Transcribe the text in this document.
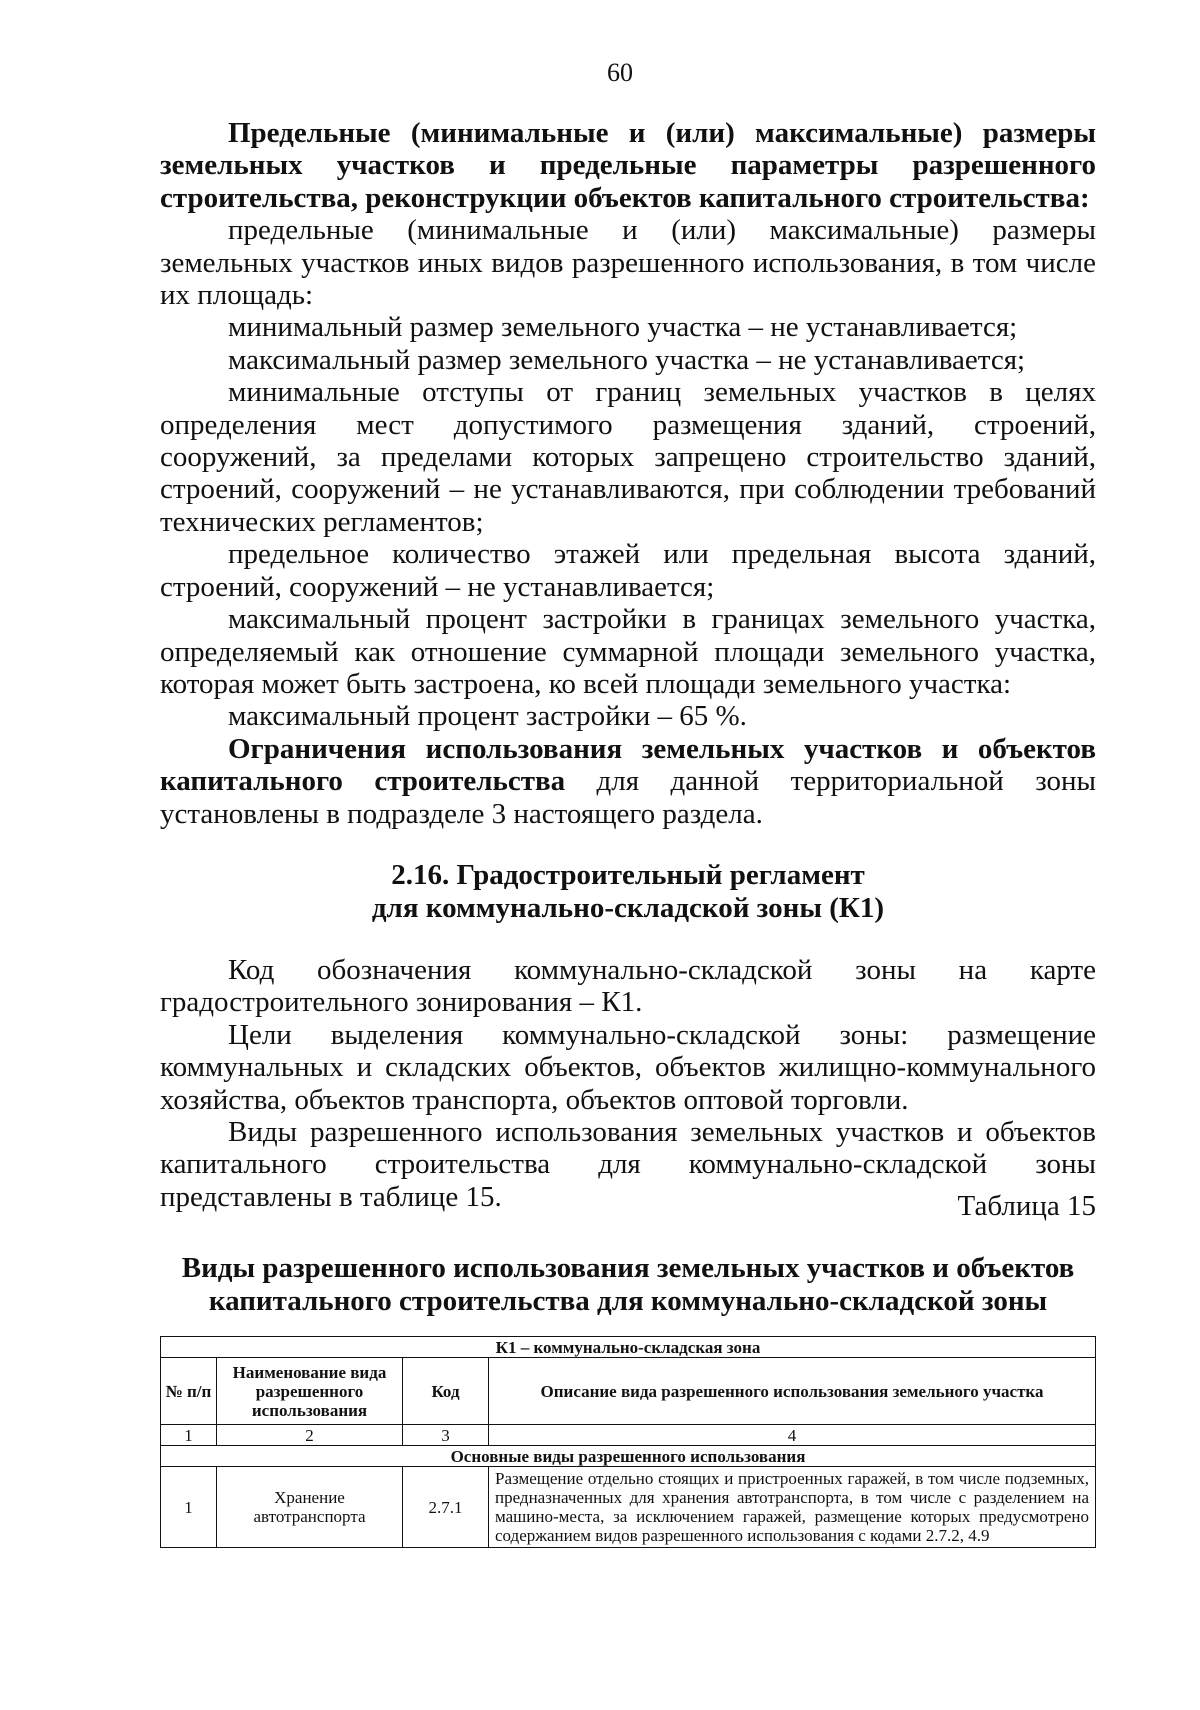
60

Предельные (минимальные и (или) максимальные) размеры земельных участков и предельные параметры разрешенного строительства, реконструкции объектов капитального строительства:

предельные (минимальные и (или) максимальные) размеры земельных участков иных видов разрешенного использования, в том числе их площадь:

минимальный размер земельного участка – не устанавливается;

максимальный размер земельного участка – не устанавливается;

минимальные отступы от границ земельных участков в целях определения мест допустимого размещения зданий, строений, сооружений, за пределами которых запрещено строительство зданий, строений, сооружений – не устанавливаются, при соблюдении требований технических регламентов;

предельное количество этажей или предельная высота зданий, строений, сооружений – не устанавливается;

максимальный процент застройки в границах земельного участка, определяемый как отношение суммарной площади земельного участка, которая может быть застроена, ко всей площади земельного участка:

максимальный процент застройки – 65 %.

Ограничения использования земельных участков и объектов капитального строительства для данной территориальной зоны установлены в подразделе 3 настоящего раздела.

2.16. Градостроительный регламент
для коммунально-складской зоны (К1)

Код обозначения коммунально-складской зоны на карте градостроительного зонирования – К1.

Цели выделения коммунально-складской зоны: размещение коммунальных и складских объектов, объектов жилищно-коммунального хозяйства, объектов транспорта, объектов оптовой торговли.

Виды разрешенного использования земельных участков и объектов капитального строительства для коммунально-складской зоны представлены в таблице 15.	Таблица 15
Виды разрешенного использования земельных участков и объектов
капитального строительства для коммунально-складской зоны
К1 – коммунально-складская зона			
№ п/п	Наименование вида разрешенного использования	Код	Описание вида разрешенного использования земельного участка
1	2	3	4
Основные виды разрешенного использования			
1	Хранение автотранспорта	2.7.1	Размещение отдельно стоящих и пристроенных гаражей, в том числе подземных, предназначенных для хранения автотранспорта, в том числе с разделением на машино-места, за исключением гаражей, размещение которых предусмотрено содержанием видов разрешенного использования с кодами 2.7.2, 4.9
